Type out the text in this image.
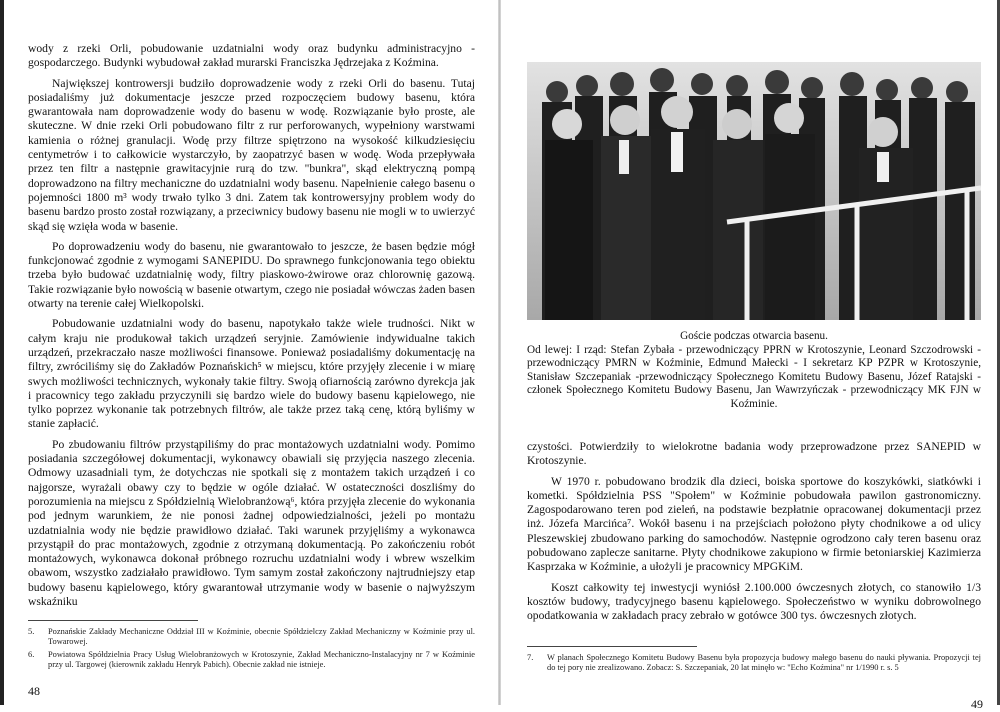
wody z rzeki Orli, pobudowanie uzdatnialni wody oraz budynku administracyjno - gospodarczego. Budynki wybudował zakład murarski Franciszka Jędrzejaka z Koźmina.

Największej kontrowersji budziło doprowadzenie wody z rzeki Orli do basenu. Tutaj posiadaliśmy już dokumentacje jeszcze przed rozpoczęciem budowy basenu, która gwarantowała nam doprowadzenie wody do basenu w wodę. Rozwiązanie było proste, ale skuteczne. W dnie rzeki Orli pobudowano filtr z rur perforowanych, wypełniony warstwami kamienia o różnej granulacji. Wodę przy filtrze spiętrzono na wysokość kilkudziesięciu centymetrów i to całkowicie wystarczyło, by zaopatrzyć basen w wodę. Woda przepływała przez ten filtr a następnie grawitacyjnie rurą do tzw. "bunkra", skąd elektryczną pompą doprowadzono na filtry mechaniczne do uzdatnialni wody basenu. Napełnienie całego basenu o pojemności 1800 m³ wody trwało tylko 3 dni. Zatem tak kontrowersyjny problem wody do basenu bardzo prosto został rozwiązany, a przeciwnicy budowy basenu nie mogli w to uwierzyć skąd się wzięła woda w basenie.

Po doprowadzeniu wody do basenu, nie gwarantowało to jeszcze, że basen będzie mógł funkcjonować zgodnie z wymogami SANEPIDU. Do sprawnego funkcjonowania tego obiektu trzeba było budować uzdatnialnię wody, filtry piaskowo-żwirowe oraz chlorownię gazową. Takie rozwiązanie było nowością w basenie otwartym, czego nie posiadał wówczas żaden basen otwarty na terenie całej Wielkopolski.

Pobudowanie uzdatnialni wody do basenu, napotykało także wiele trudności. Nikt w całym kraju nie produkował takich urządzeń seryjnie. Zamówienie indywidualne takich urządzeń, przekraczało nasze możliwości finansowe. Ponieważ posiadaliśmy dokumentację na filtry, zwróciliśmy się do Zakładów Poznańskich⁵ w miejscu, które przyjęły zlecenie i w miarę swych możliwości technicznych, wykonały takie filtry. Swoją ofiarnością zarówno dyrekcja jak i pracownicy tego zakładu przyczynili się bardzo wiele do budowy basenu kąpielowego, nie tylko poprzez wykonanie tak potrzebnych filtrów, ale także przez taką cenę, którą byliśmy w stanie zapłacić.

Po zbudowaniu filtrów przystąpiliśmy do prac montażowych uzdatnialni wody. Pomimo posiadania szczegółowej dokumentacji, wykonawcy obawiali się przyjęcia naszego zlecenia. Odmowy uzasadniali tym, że dotychczas nie spotkali się z montażem takich urządzeń i co najgorsze, wyrażali obawy czy to będzie w ogóle działać. W ostateczności doszliśmy do porozumienia na miejscu z Spółdzielnią Wielobranżową⁶, która przyjęła zlecenie do wykonania pod jednym warunkiem, że nie ponosi żadnej odpowiedzialności, jeżeli po montażu uzdatnialnia wody nie będzie prawidłowo działać. Taki warunek przyjęliśmy a wykonawca przystąpił do prac montażowych, zgodnie z otrzymaną dokumentacją. Po zakończeniu robót montażowych, wykonawca dokonał próbnego rozruchu uzdatnialni wody i wbrew wszelkim obawom, wszystko zadziałało prawidłowo. Tym samym został zakończony najtrudniejszy etap budowy basenu kąpielowego, który gwarantował utrzymanie wody w basenie o najwyższym wskaźniku

5.	Poznańskie Zakłady Mechaniczne Oddział III w Koźminie, obecnie Spółdzielczy Zakład Mechaniczny w Koźminie przy ul. Towarowej.
6.	Powiatowa Spółdzielnia Pracy Usług Wielobranżowych w Krotoszynie, Zakład Mechaniczno-Instalacyjny nr 7 w Koźminie przy ul. Targowej (kierownik zakładu Henryk Pabich). Obecnie zakład nie istnieje.
48
Goście podczas otwarcia basenu.
Od lewej: I rząd: Stefan Zybała - przewodniczący PPRN w Krotoszynie, Leonard Szczodrowski - przewodniczący PMRN w Koźminie, Edmund Małecki - I sekretarz KP PZPR w Krotoszynie, Stanisław Szczepaniak -przewodniczący Społecznego Komitetu Budowy Basenu, Józef Ratajski - członek Społecznego Komitetu Budowy Basenu, Jan Wawrzyńczak - przewodniczący MK FJN w Koźminie.

czystości. Potwierdziły to wielokrotne badania wody przeprowadzone przez SANEPID w Krotoszynie.

W 1970 r. pobudowano brodzik dla dzieci, boiska sportowe do koszykówki, siatkówki i kometki. Spółdzielnia PSS "Społem" w Koźminie pobudowała pawilon gastronomiczny. Zagospodarowano teren pod zieleń, na podstawie bezpłatnie opracowanej dokumentacji przez inż. Józefa Marcińca⁷. Wokół basenu i na przejściach położono płyty chodnikowe a od ulicy Pleszewskiej zbudowano parking do samochodów. Następnie ogrodzono cały teren basenu oraz pobudowano zaplecze sanitarne. Płyty chodnikowe zakupiono w firmie betoniarskiej Kazimierza Kasprzaka w Koźminie, a ułożyli je pracownicy MPGKiM.

Koszt całkowity tej inwestycji wyniósł 2.100.000 ówczesnych złotych, co stanowiło 1/3 kosztów budowy, tradycyjnego basenu kąpielowego. Społeczeństwo w wyniku dobrowolnego opodatkowania w zakładach pracy zebrało w gotówce 300 tys. ówczesnych złotych.

7.	W planach Społecznego Komitetu Budowy Basenu była propozycja budowy małego basenu do nauki pływania. Propozycji tej do tej pory nie zrealizowano. Zobacz: S. Szczepaniak, 20 lat minęło w: "Echo Koźmina" nr 1/1990 r. s. 5
49
